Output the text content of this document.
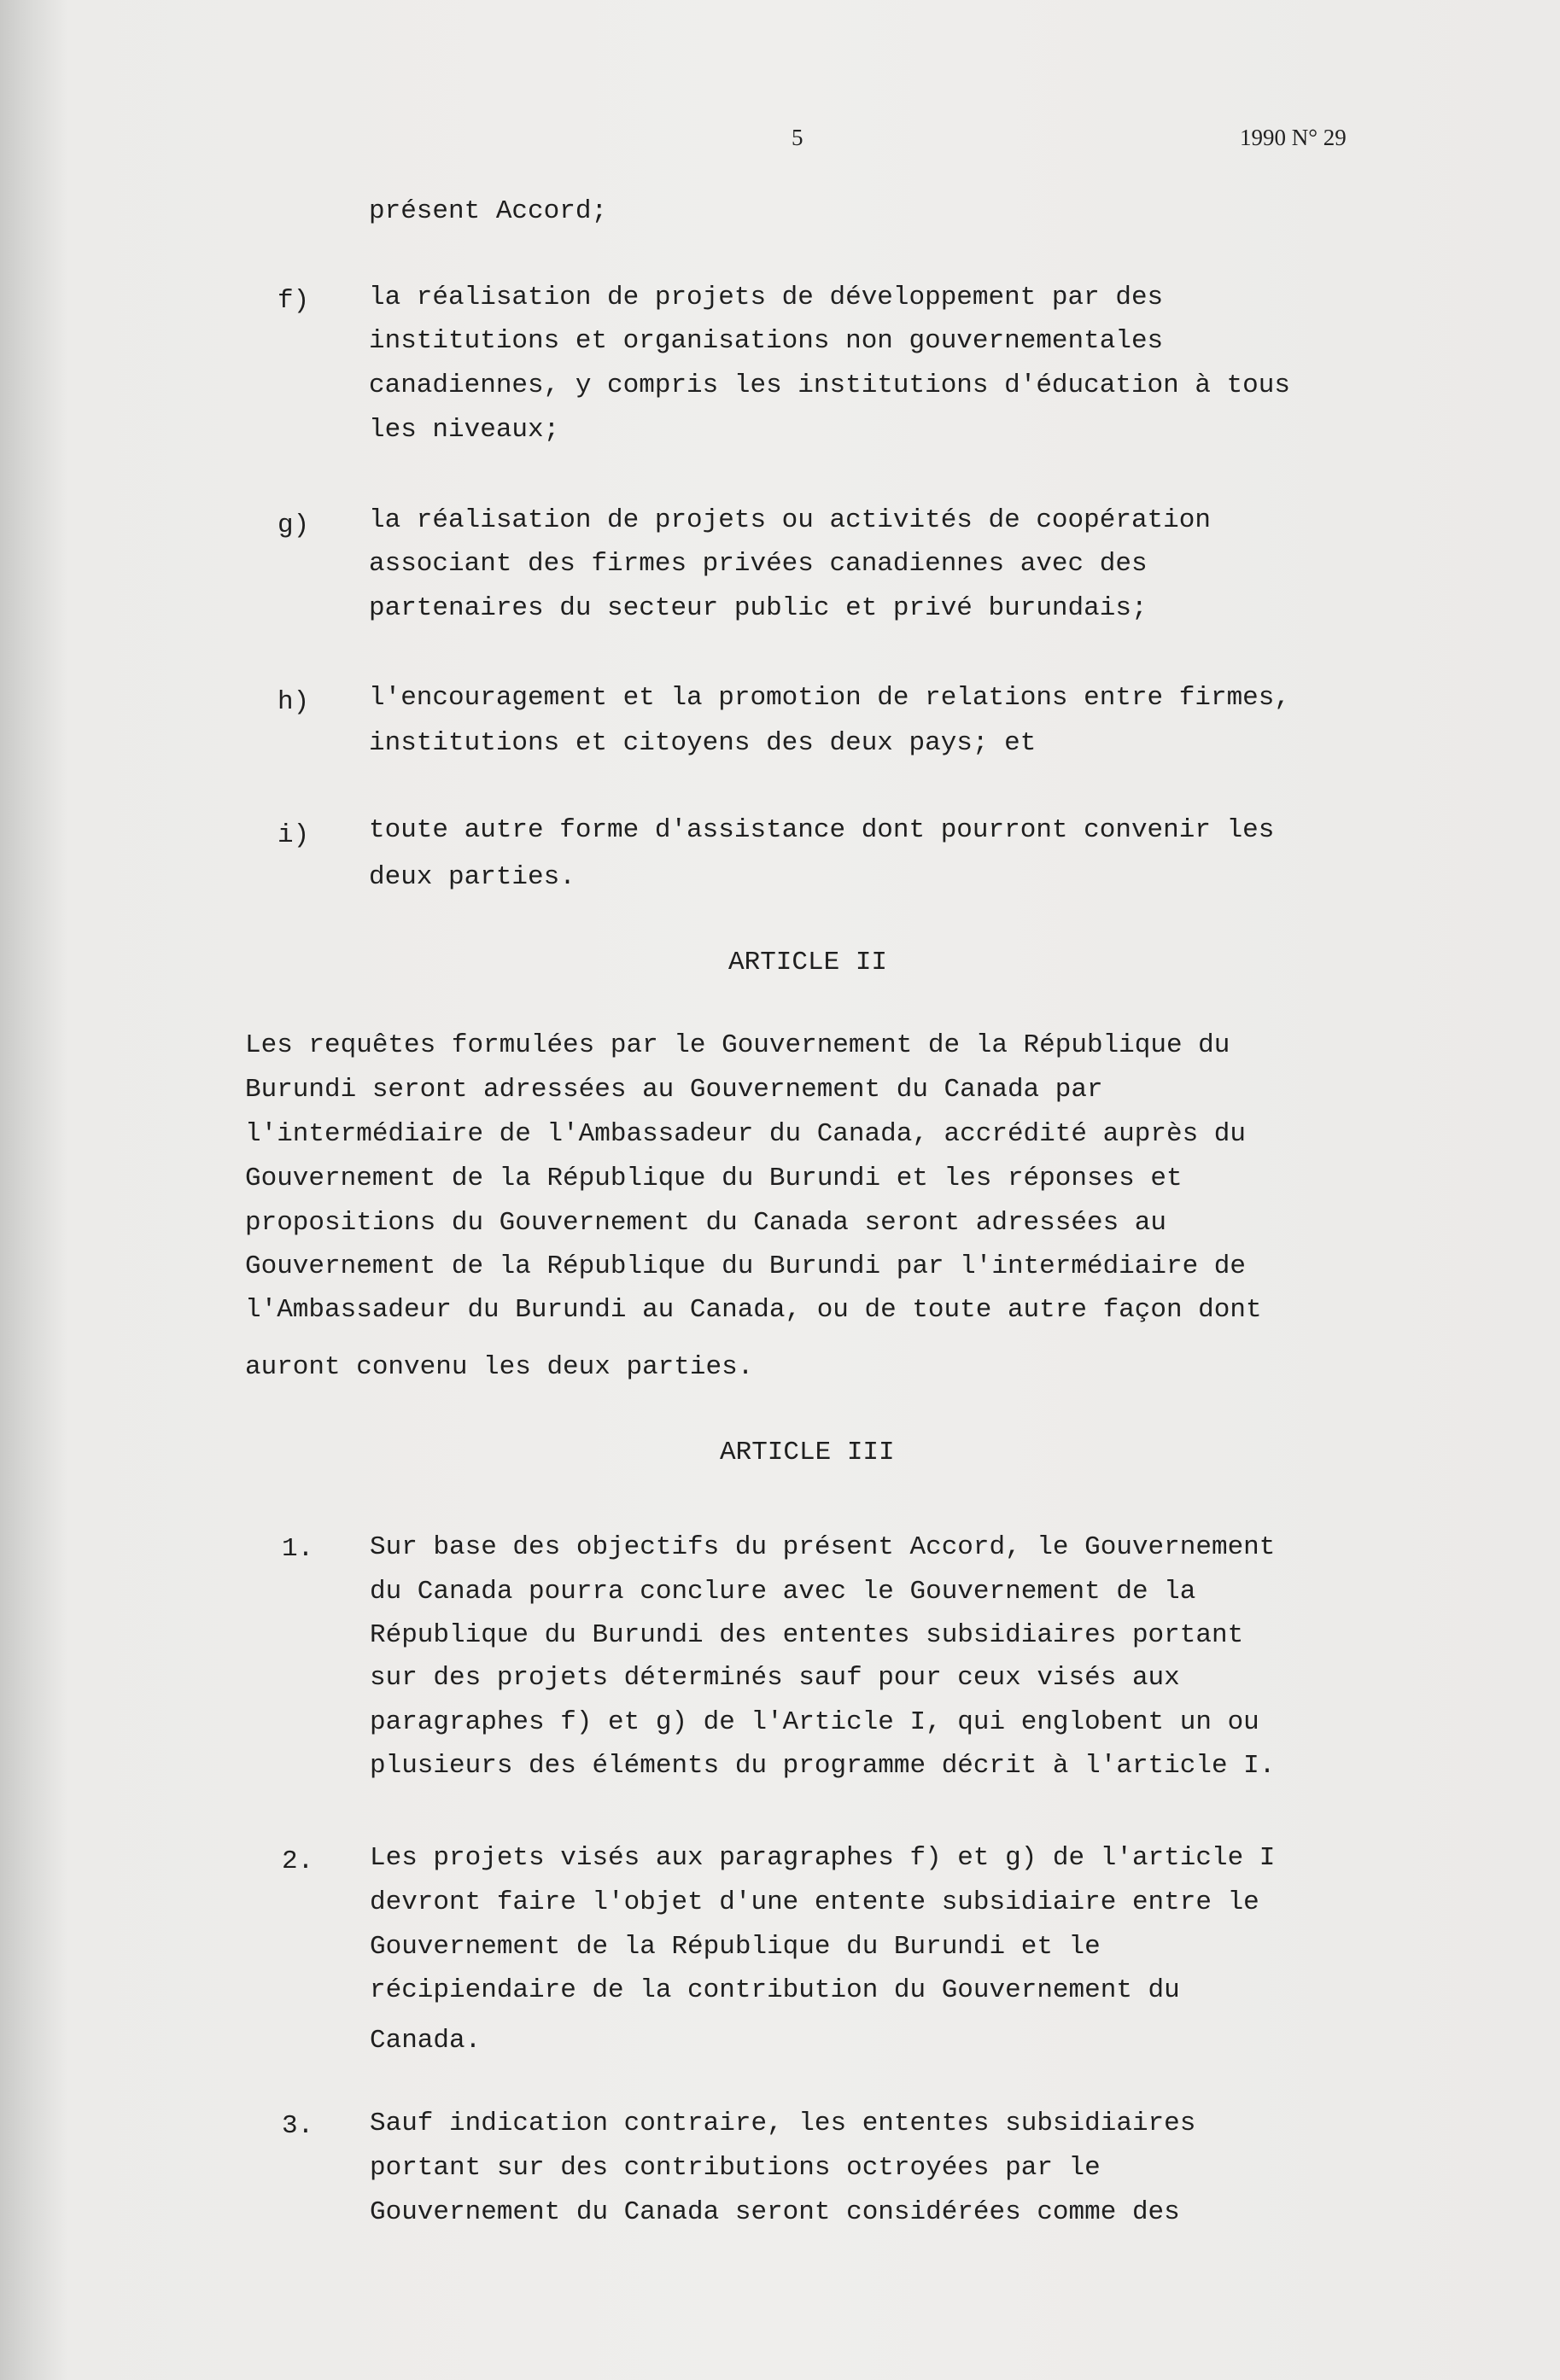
5	1990 N° 29
présent Accord;
f) la réalisation de projets de développement par des
institutions et organisations non gouvernementales
canadiennes, y compris les institutions d'éducation à tous
les niveaux;
g) la réalisation de projets ou activités de coopération
associant des firmes privées canadiennes avec des
partenaires du secteur public et privé burundais;
h) l'encouragement et la promotion de relations entre firmes,
institutions et citoyens des deux pays; et
i) toute autre forme d'assistance dont pourront convenir les
deux parties.
ARTICLE II
Les requêtes formulées par le Gouvernement de la République du
Burundi seront adressées au Gouvernement du Canada par
l'intermédiaire de l'Ambassadeur du Canada, accrédité auprès du
Gouvernement de la République du Burundi et les réponses et
propositions du Gouvernement du Canada seront adressées au
Gouvernement de la République du Burundi par l'intermédiaire de
l'Ambassadeur du Burundi au Canada, ou de toute autre façon dont
auront convenu les deux parties.
ARTICLE III
1. Sur base des objectifs du présent Accord, le Gouvernement
du Canada pourra conclure avec le Gouvernement de la
République du Burundi des ententes subsidiaires portant
sur des projets déterminés sauf pour ceux visés aux
paragraphes f) et g) de l'Article I, qui englobent un ou
plusieurs des éléments du programme décrit à l'article I.
2. Les projets visés aux paragraphes f) et g) de l'article I
devront faire l'objet d'une entente subsidiaire entre le
Gouvernement de la République du Burundi et le
récipiendaire de la contribution du Gouvernement du
Canada.
3. Sauf indication contraire, les ententes subsidiaires
portant sur des contributions octroyées par le
Gouvernement du Canada seront considérées comme des
